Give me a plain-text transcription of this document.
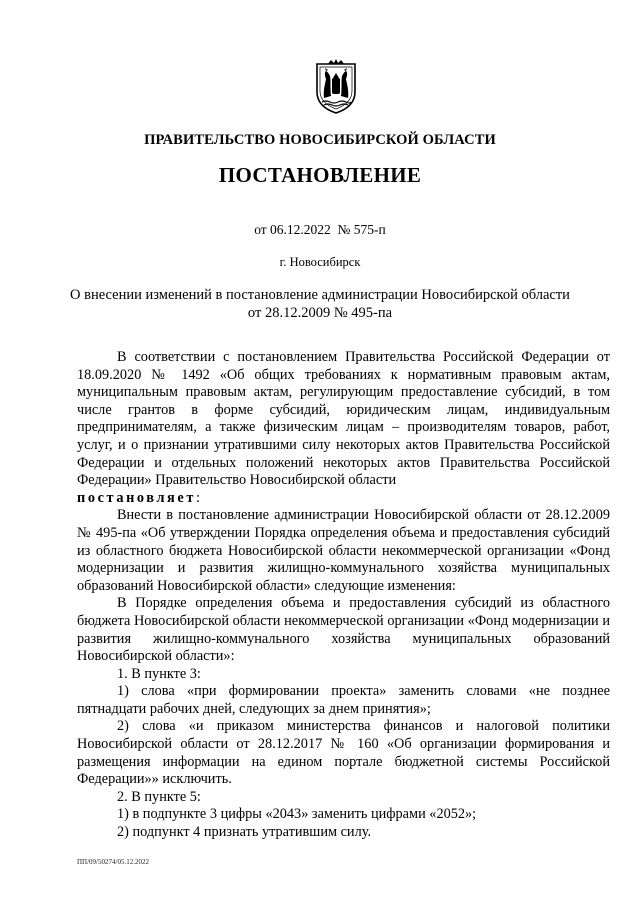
ПРАВИТЕЛЬСТВО НОВОСИБИРСКОЙ ОБЛАСТИ
ПОСТАНОВЛЕНИЕ
от 06.12.2022  № 575-п
г. Новосибирск
О внесении изменений в постановление администрации Новосибирской области
от 28.12.2009 № 495-па

В соответствии с постановлением Правительства Российской Федерации от 18.09.2020 № 1492 «Об общих требованиях к нормативным правовым актам, муниципальным правовым актам, регулирующим предоставление субсидий, в том числе грантов в форме субсидий, юридическим лицам, индивидуальным предпринимателям, а также физическим лицам – производителям товаров, работ, услуг, и о признании утратившими силу некоторых актов Правительства Российской Федерации и отдельных положений некоторых актов Правительства Российской Федерации» Правительство Новосибирской области

постановляет:

Внести в постановление администрации Новосибирской области от 28.12.2009 № 495-па «Об утверждении Порядка определения объема и предоставления субсидий из областного бюджета Новосибирской области некоммерческой организации «Фонд модернизации и развития жилищно-коммунального хозяйства муниципальных образований Новосибирской области» следующие изменения:

В Порядке определения объема и предоставления субсидий из областного бюджета Новосибирской области некоммерческой организации «Фонд модернизации и развития жилищно-коммунального хозяйства муниципальных образований Новосибирской области»:

1. В пункте 3:

1) слова «при формировании проекта» заменить словами «не позднее пятнадцати рабочих дней, следующих за днем принятия»;

2) слова «и приказом министерства финансов и налоговой политики Новосибирской области от 28.12.2017 № 160 «Об организации формирования и размещения информации на едином портале бюджетной системы Российской Федерации»» исключить.

2. В пункте 5:

1) в подпункте 3 цифры «2043» заменить цифрами «2052»;

2) подпункт 4 признать утратившим силу.

ПП/09/50274/05.12.2022
